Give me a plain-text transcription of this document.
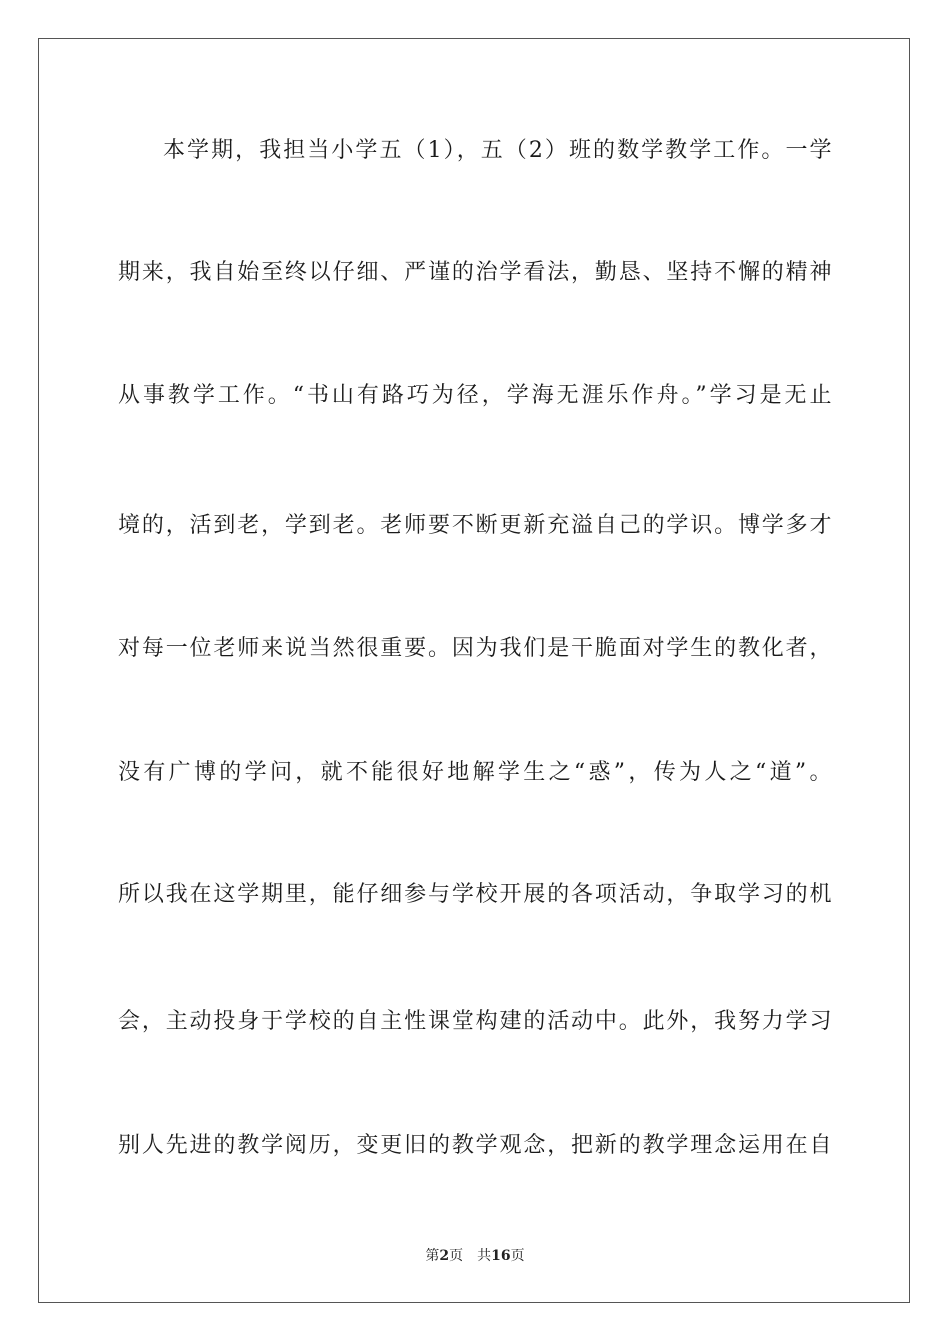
本学期，我担当小学五（1），五（2）班的数学教学工作。一学
期来，我自始至终以仔细、严谨的治学看法，勤恳、坚持不懈的精神
从事教学工作。“书山有路巧为径，学海无涯乐作舟。”学习是无止
境的，活到老，学到老。老师要不断更新充溢自己的学识。博学多才
对每一位老师来说当然很重要。因为我们是干脆面对学生的教化者，
没有广博的学问，就不能很好地解学生之“惑”，传为人之“道”。
所以我在这学期里，能仔细参与学校开展的各项活动，争取学习的机
会，主动投身于学校的自主性课堂构建的活动中。此外，我努力学习
别人先进的教学阅历，变更旧的教学观念，把新的教学理念运用在自
第2页 共16页
